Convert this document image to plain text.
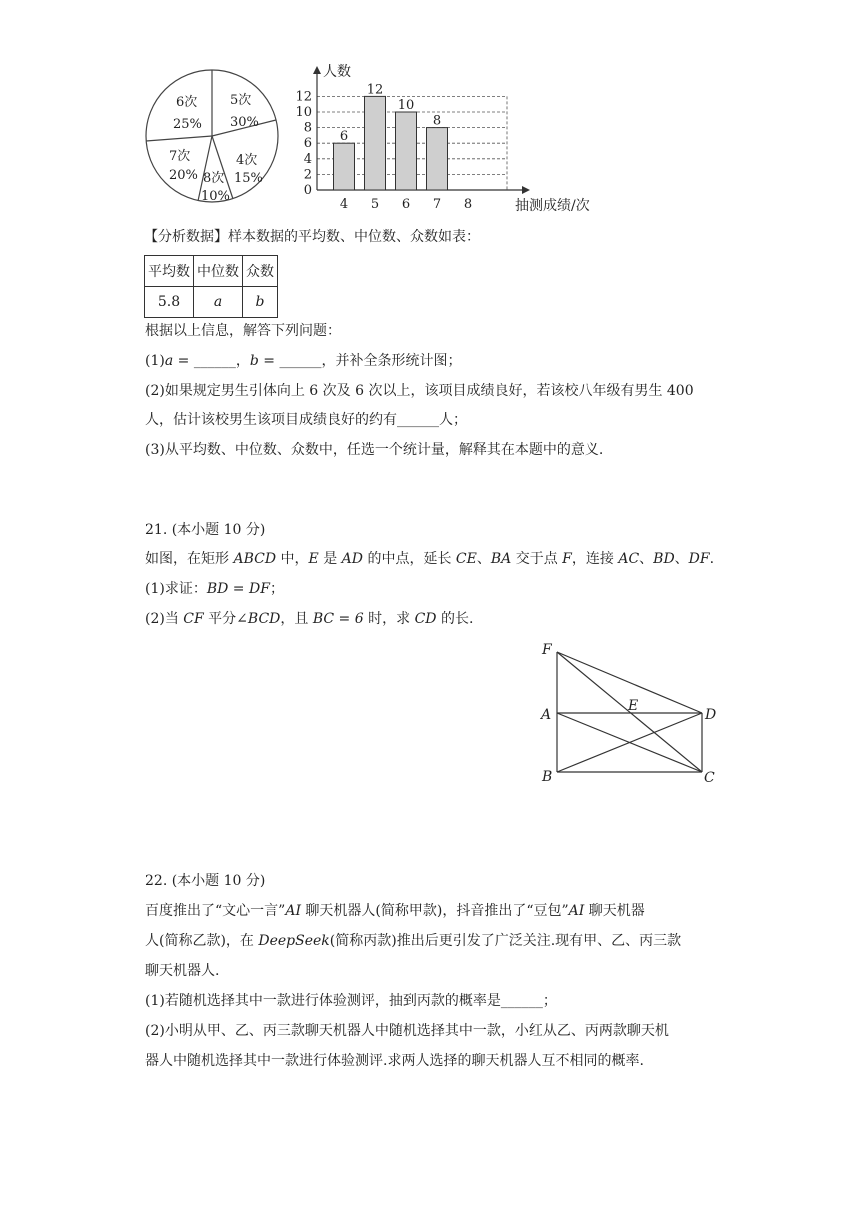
5次
30%
4次
15%
8次
10%
7次
20%
6次
25%
0
2
4
6
8
10
12
人数
抽测成绩/次
4
6
5
12
6
10
7
8
8
【分析数据】样本数据的平均数、中位数、众数如表：
平均数	中位数	众数
5.8	a	b
根据以上信息，解答下列问题：
(1)a = ______，b = ______，并补全条形统计图；
(2)如果规定男生引体向上 6 次及 6 次以上，该项目成绩良好，若该校八年级有男生 400
人，估计该校男生该项目成绩良好的约有______人；
(3)从平均数、中位数、众数中，任选一个统计量，解释其在本题中的意义.
21. (本小题 10 分)
如图，在矩形 ABCD 中，E 是 AD 的中点，延长 CE、BA 交于点 F，连接 AC、BD、DF.
(1)求证：BD = DF；
(2)当 CF 平分∠BCD，且 BC = 6 时，求 CD 的长.
F
A
E
D
B	C
22. (本小题 10 分)
百度推出了“文心一言”AI 聊天机器人(简称甲款)，抖音推出了“豆包”AI 聊天机器
人(简称乙款)，在 DeepSeek(简称丙款)推出后更引发了广泛关注.现有甲、乙、丙三款
聊天机器人.
(1)若随机选择其中一款进行体验测评，抽到丙款的概率是______；
(2)小明从甲、乙、丙三款聊天机器人中随机选择其中一款，小红从乙、丙两款聊天机
器人中随机选择其中一款进行体验测评.求两人选择的聊天机器人互不相同的概率.
